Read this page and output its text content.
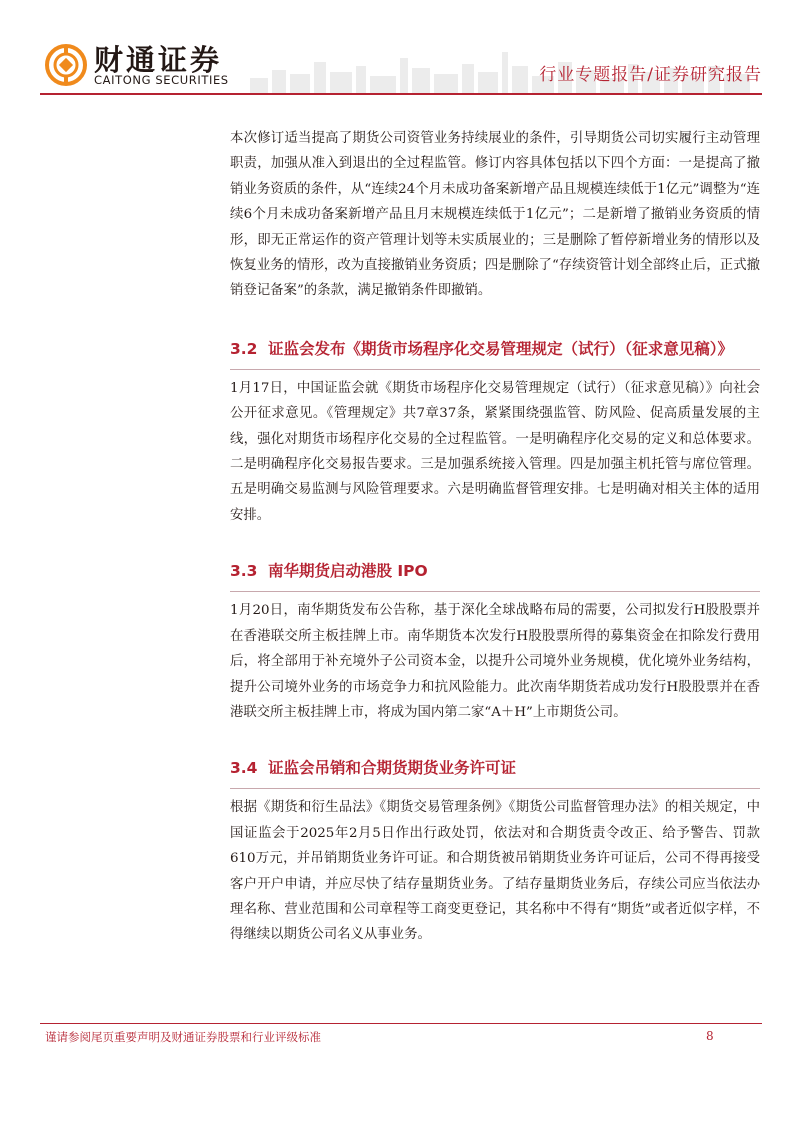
财通证券
CAITONG SECURITIES	行业专题报告/证券研究报告

本次修订适当提高了期货公司资管业务持续展业的条件，引导期货公司切实履行主动管理职责，加强从准入到退出的全过程监管。修订内容具体包括以下四个方面：一是提高了撤销业务资质的条件，从“连续24个月未成功备案新增产品且规模连续低于1亿元”调整为“连续6个月未成功备案新增产品且月末规模连续低于1亿元”；二是新增了撤销业务资质的情形，即无正常运作的资产管理计划等未实质展业的；三是删除了暂停新增业务的情形以及恢复业务的情形，改为直接撤销业务资质；四是删除了“存续资管计划全部终止后，正式撤销登记备案”的条款，满足撤销条件即撤销。

3.2 证监会发布《期货市场程序化交易管理规定（试行）（征求意见稿）》

1月17日，中国证监会就《期货市场程序化交易管理规定（试行）（征求意见稿）》向社会公开征求意见。《管理规定》共7章37条，紧紧围绕强监管、防风险、促高质量发展的主线，强化对期货市场程序化交易的全过程监管。一是明确程序化交易的定义和总体要求。二是明确程序化交易报告要求。三是加强系统接入管理。四是加强主机托管与席位管理。五是明确交易监测与风险管理要求。六是明确监督管理安排。七是明确对相关主体的适用安排。

3.3 南华期货启动港股 IPO

1月20日，南华期货发布公告称，基于深化全球战略布局的需要，公司拟发行H股股票并在香港联交所主板挂牌上市。南华期货本次发行H股股票所得的募集资金在扣除发行费用后，将全部用于补充境外子公司资本金，以提升公司境外业务规模，优化境外业务结构，提升公司境外业务的市场竞争力和抗风险能力。此次南华期货若成功发行H股股票并在香港联交所主板挂牌上市，将成为国内第二家“A＋H”上市期货公司。

3.4 证监会吊销和合期货期货业务许可证

根据《期货和衍生品法》《期货交易管理条例》《期货公司监督管理办法》的相关规定，中国证监会于2025年2月5日作出行政处罚，依法对和合期货责令改正、给予警告、罚款610万元，并吊销期货业务许可证。和合期货被吊销期货业务许可证后，公司不得再接受客户开户申请，并应尽快了结存量期货业务。了结存量期货业务后，存续公司应当依法办理名称、营业范围和公司章程等工商变更登记，其名称中不得有“期货”或者近似字样，不得继续以期货公司名义从事业务。

谨请参阅尾页重要声明及财通证券股票和行业评级标准	8
